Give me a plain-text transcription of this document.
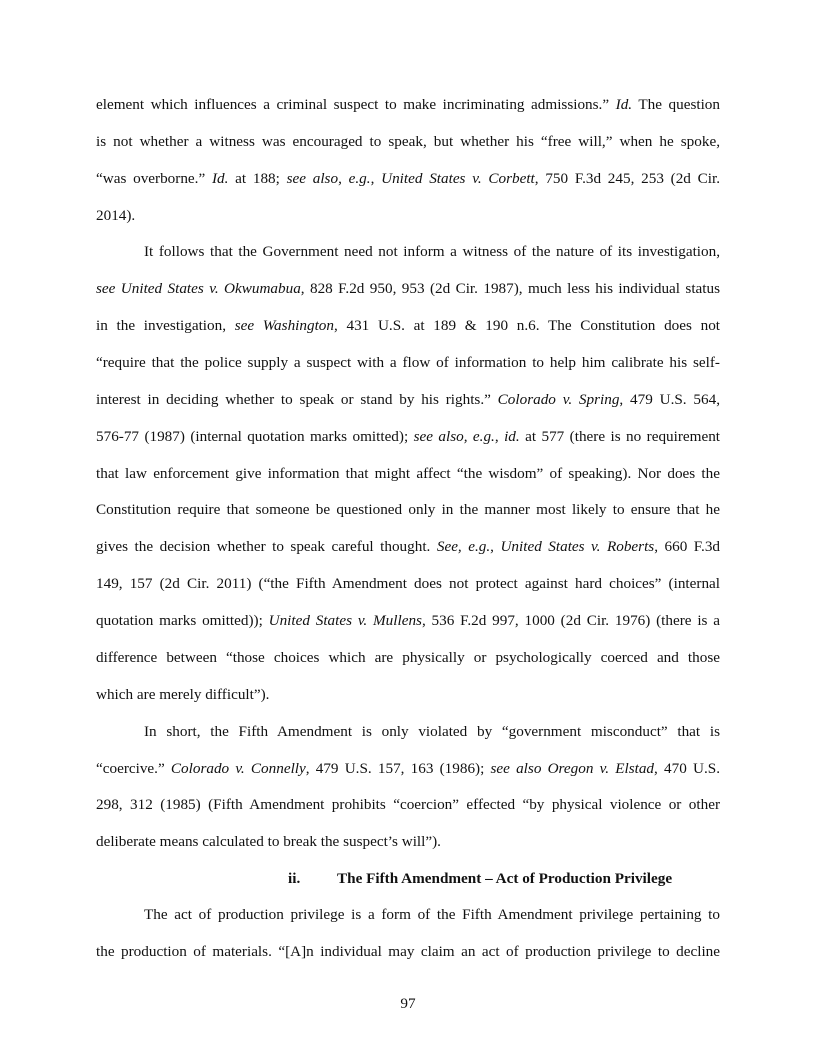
element which influences a criminal suspect to make incriminating admissions.” Id. The question
is not whether a witness was encouraged to speak, but whether his “free will,” when he spoke,
“was overborne.” Id. at 188; see also, e.g., United States v. Corbett, 750 F.3d 245, 253 (2d Cir.
2014).
It follows that the Government need not inform a witness of the nature of its investigation,
see United States v. Okwumabua, 828 F.2d 950, 953 (2d Cir. 1987), much less his individual status
in the investigation, see Washington, 431 U.S. at 189 & 190 n.6. The Constitution does not
“require that the police supply a suspect with a flow of information to help him calibrate his self-
interest in deciding whether to speak or stand by his rights.” Colorado v. Spring, 479 U.S. 564,
576-77 (1987) (internal quotation marks omitted); see also, e.g., id. at 577 (there is no requirement
that law enforcement give information that might affect “the wisdom” of speaking). Nor does the
Constitution require that someone be questioned only in the manner most likely to ensure that he
gives the decision whether to speak careful thought. See, e.g., United States v. Roberts, 660 F.3d
149, 157 (2d Cir. 2011) (“the Fifth Amendment does not protect against hard choices” (internal
quotation marks omitted)); United States v. Mullens, 536 F.2d 997, 1000 (2d Cir. 1976) (there is a
difference between “those choices which are physically or psychologically coerced and those
which are merely difficult”).
In short, the Fifth Amendment is only violated by “government misconduct” that is
“coercive.” Colorado v. Connelly, 479 U.S. 157, 163 (1986); see also Oregon v. Elstad, 470 U.S.
298, 312 (1985) (Fifth Amendment prohibits “coercion” effected “by physical violence or other
deliberate means calculated to break the suspect’s will”).
ii. The Fifth Amendment – Act of Production Privilege
The act of production privilege is a form of the Fifth Amendment privilege pertaining to
the production of materials. “[A]n individual may claim an act of production privilege to decline
97
